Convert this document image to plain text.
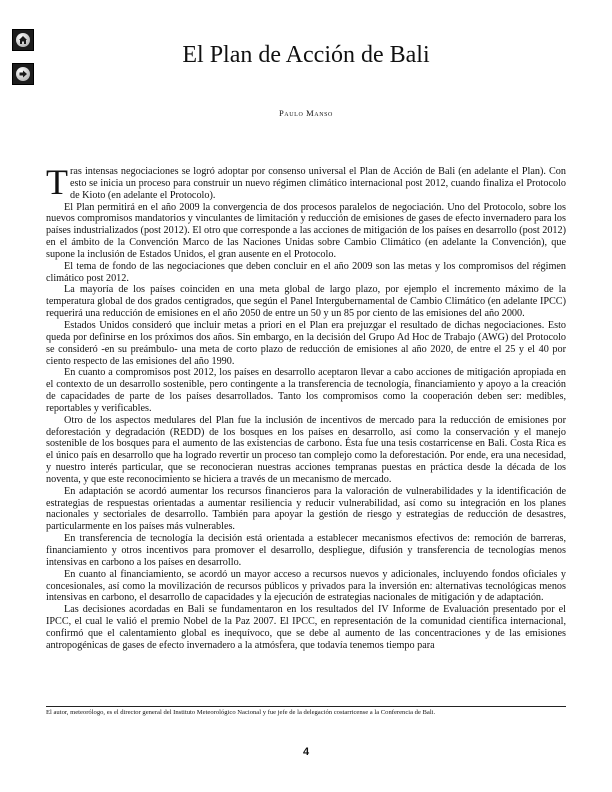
El Plan de Acción de Bali
Paulo Manso

Tras intensas negociaciones se logró adoptar por consenso universal el Plan de Acción de Bali (en adelante el Plan). Con esto se inicia un proceso para construir un nuevo régimen climático internacional post 2012, cuando finaliza el Protocolo de Kioto (en adelante el Protocolo).

El Plan permitirá en el año 2009 la convergencia de dos procesos paralelos de negociación. Uno del Protocolo, sobre los nuevos compromisos mandatorios y vinculantes de limitación y reducción de emisiones de gases de efecto invernadero para los países industrializados (post 2012). El otro que corresponde a las acciones de mitigación de los países en desarrollo (post 2012) en el ámbito de la Convención Marco de las Naciones Unidas sobre Cambio Climático (en adelante la Convención), que supone la inclusión de Estados Unidos, el gran ausente en el Protocolo.

El tema de fondo de las negociaciones que deben concluir en el año 2009 son las metas y los compromisos del régimen climático post 2012.

La mayoría de los países coinciden en una meta global de largo plazo, por ejemplo el incremento máximo de la temperatura global de dos grados centigrados, que según el Panel Intergubernamental de Cambio Climático (en adelante IPCC) requerirá una reducción de emisiones en el año 2050 de entre un 50 y un 85 por ciento de las emisiones del año 2000.

Estados Unidos consideró que incluir metas a priori en el Plan era prejuzgar el resultado de dichas negociaciones. Esto queda por definirse en los próximos dos años. Sin embargo, en la decisión del Grupo Ad Hoc de Trabajo (AWG) del Protocolo se consideró -en su preámbulo- una meta de corto plazo de reducción de emisiones al año 2020, de entre el 25 y el 40 por ciento respecto de las emisiones del año 1990.

En cuanto a compromisos post 2012, los países en desarrollo aceptaron llevar a cabo acciones de mitigación apropiada en el contexto de un desarrollo sostenible, pero contingente a la transferencia de tecnología, financiamiento y apoyo a la creación de capacidades de parte de los países desarrollados. Tanto los compromisos como la cooperación deben ser: medibles, reportables y verificables.

Otro de los aspectos medulares del Plan fue la inclusión de incentivos de mercado para la reducción de emisiones por deforestación y degradación (REDD) de los bosques en los países en desarrollo, así como la conservación y el manejo sostenible de los bosques para el aumento de las existencias de carbono. Ésta fue una tesis costarricense en Bali. Costa Rica es el único país en desarrollo que ha logrado revertir un proceso tan complejo como la deforestación. Por ende, era una necesidad, y nuestro interés particular, que se reconocieran nuestras acciones tempranas puestas en práctica desde la década de los noventa, y que este reconocimiento se hiciera a través de un mecanismo de mercado.

En adaptación se acordó aumentar los recursos financieros para la valoración de vulnerabilidades y la identificación de estrategias de respuestas orientadas a aumentar resiliencia y reducir vulnerabilidad, así como su integración en los planes nacionales y sectoriales de desarrollo. También para apoyar la gestión de riesgo y estrategias de reducción de desastres, particularmente en los países más vulnerables.

En transferencia de tecnología la decisión está orientada a establecer mecanismos efectivos de: remoción de barreras, financiamiento y otros incentivos para promover el desarrollo, despliegue, difusión y transferencia de tecnologías menos intensivas en carbono a los países en desarrollo.

En cuanto al financiamiento, se acordó un mayor acceso a recursos nuevos y adicionales, incluyendo fondos oficiales y concesionales, así como la movilización de recursos públicos y privados para la inversión en: alternativas tecnológicas menos intensivas en carbono, el desarrollo de capacidades y la ejecución de estrategias nacionales de mitigación y de adaptación.

Las decisiones acordadas en Bali se fundamentaron en los resultados del IV Informe de Evaluación presentado por el IPCC, el cual le valió el premio Nobel de la Paz 2007. El IPCC, en representación de la comunidad científica internacional, confirmó que el calentamiento global es inequívoco, que se debe al aumento de las concentraciones y de las emisiones antropogénicas de gases de efecto invernadero a la atmósfera, que todavía tenemos tiempo para

El autor, meteorólogo, es el director general del Instituto Meteorológico Nacional y fue jefe de la delegación costarricense a la Conferencia de Bali.
4
